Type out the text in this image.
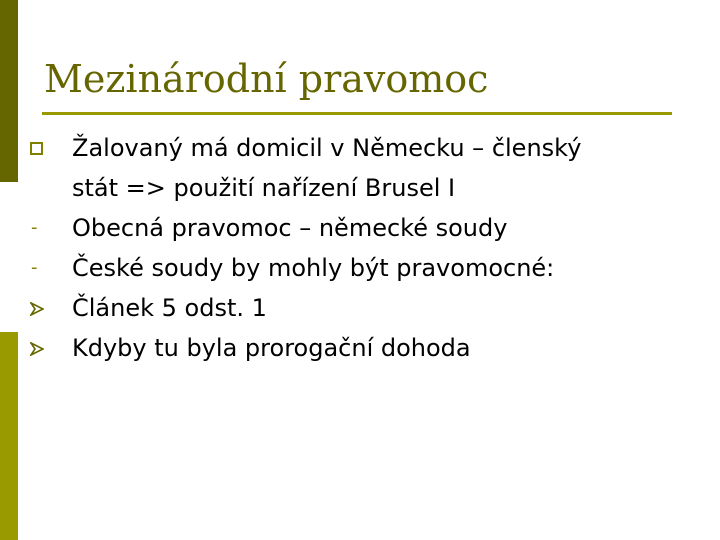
Mezinárodní pravomoc
Žalovaný má domicil v Německu – členský
stát => použití nařízení Brusel I
-	Obecná pravomoc – německé soudy
-	České soudy by mohly být pravomocné:
Článek 5 odst. 1
Kdyby tu byla prorogační dohoda
